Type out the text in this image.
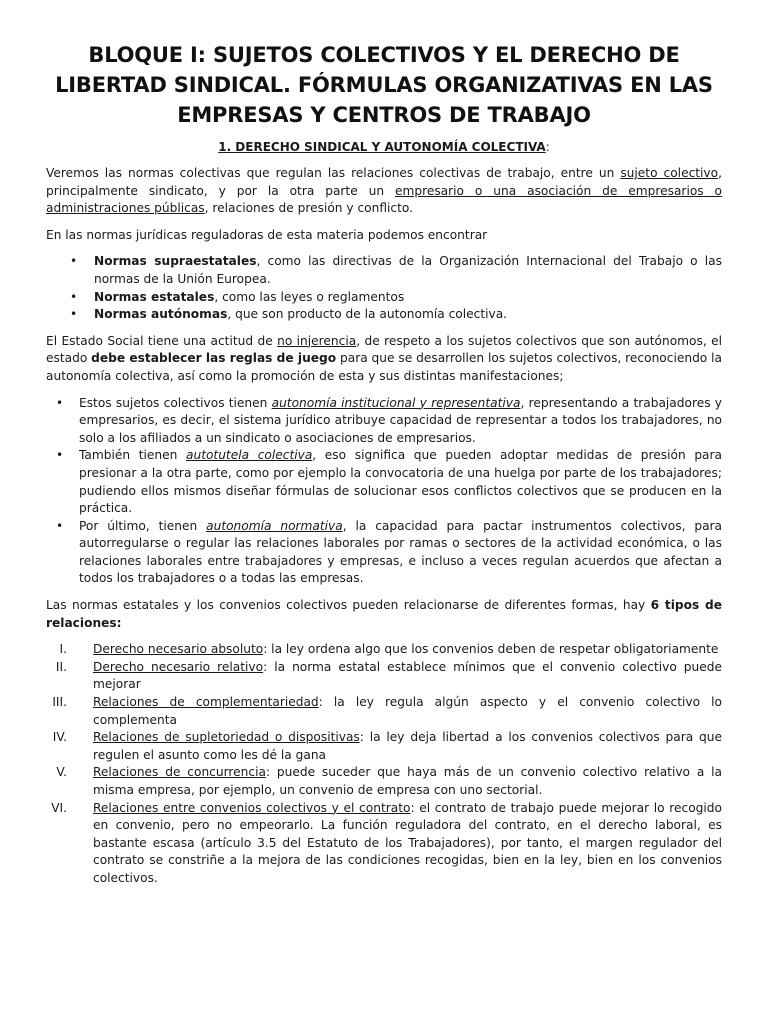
BLOQUE I: SUJETOS COLECTIVOS Y EL DERECHO DE LIBERTAD SINDICAL. FÓRMULAS ORGANIZATIVAS EN LAS EMPRESAS Y CENTROS DE TRABAJO
1. DERECHO SINDICAL Y AUTONOMÍA COLECTIVA:

Veremos las normas colectivas que regulan las relaciones colectivas de trabajo, entre un sujeto colectivo, principalmente sindicato, y por la otra parte un empresario o una asociación de empresarios o administraciones públicas, relaciones de presión y conflicto.

En las normas jurídicas reguladoras de esta materia podemos encontrar

• Normas supraestatales, como las directivas de la Organización Internacional del Trabajo o las normas de la Unión Europea.
• Normas estatales, como las leyes o reglamentos
• Normas autónomas, que son producto de la autonomía colectiva.

El Estado Social tiene una actitud de no injerencia, de respeto a los sujetos colectivos que son autónomos, el estado debe establecer las reglas de juego para que se desarrollen los sujetos colectivos, reconociendo la autonomía colectiva, así como la promoción de esta y sus distintas manifestaciones;

• Estos sujetos colectivos tienen autonomía institucional y representativa, representando a trabajadores y empresarios, es decir, el sistema jurídico atribuye capacidad de representar a todos los trabajadores, no solo a los afiliados a un sindicato o asociaciones de empresarios.
• También tienen autotutela colectiva, eso significa que pueden adoptar medidas de presión para presionar a la otra parte, como por ejemplo la convocatoria de una huelga por parte de los trabajadores; pudiendo ellos mismos diseñar fórmulas de solucionar esos conflictos colectivos que se producen en la práctica.
• Por último, tienen autonomía normativa, la capacidad para pactar instrumentos colectivos, para autorregularse o regular las relaciones laborales por ramas o sectores de la actividad económica, o las relaciones laborales entre trabajadores y empresas, e incluso a veces regulan acuerdos que afectan a todos los trabajadores o a todas las empresas.

Las normas estatales y los convenios colectivos pueden relacionarse de diferentes formas, hay 6 tipos de relaciones:

I. Derecho necesario absoluto: la ley ordena algo que los convenios deben de respetar obligatoriamente
II. Derecho necesario relativo: la norma estatal establece mínimos que el convenio colectivo puede mejorar
III. Relaciones de complementariedad: la ley regula algún aspecto y el convenio colectivo lo complementa
IV. Relaciones de supletoriedad o dispositivas: la ley deja libertad a los convenios colectivos para que regulen el asunto como les dé la gana
V. Relaciones de concurrencia: puede suceder que haya más de un convenio colectivo relativo a la misma empresa, por ejemplo, un convenio de empresa con uno sectorial.
VI. Relaciones entre convenios colectivos y el contrato: el contrato de trabajo puede mejorar lo recogido en convenio, pero no empeorarlo. La función reguladora del contrato, en el derecho laboral, es bastante escasa (artículo 3.5 del Estatuto de los Trabajadores), por tanto, el margen regulador del contrato se constriñe a la mejora de las condiciones recogidas, bien en la ley, bien en los convenios colectivos.
